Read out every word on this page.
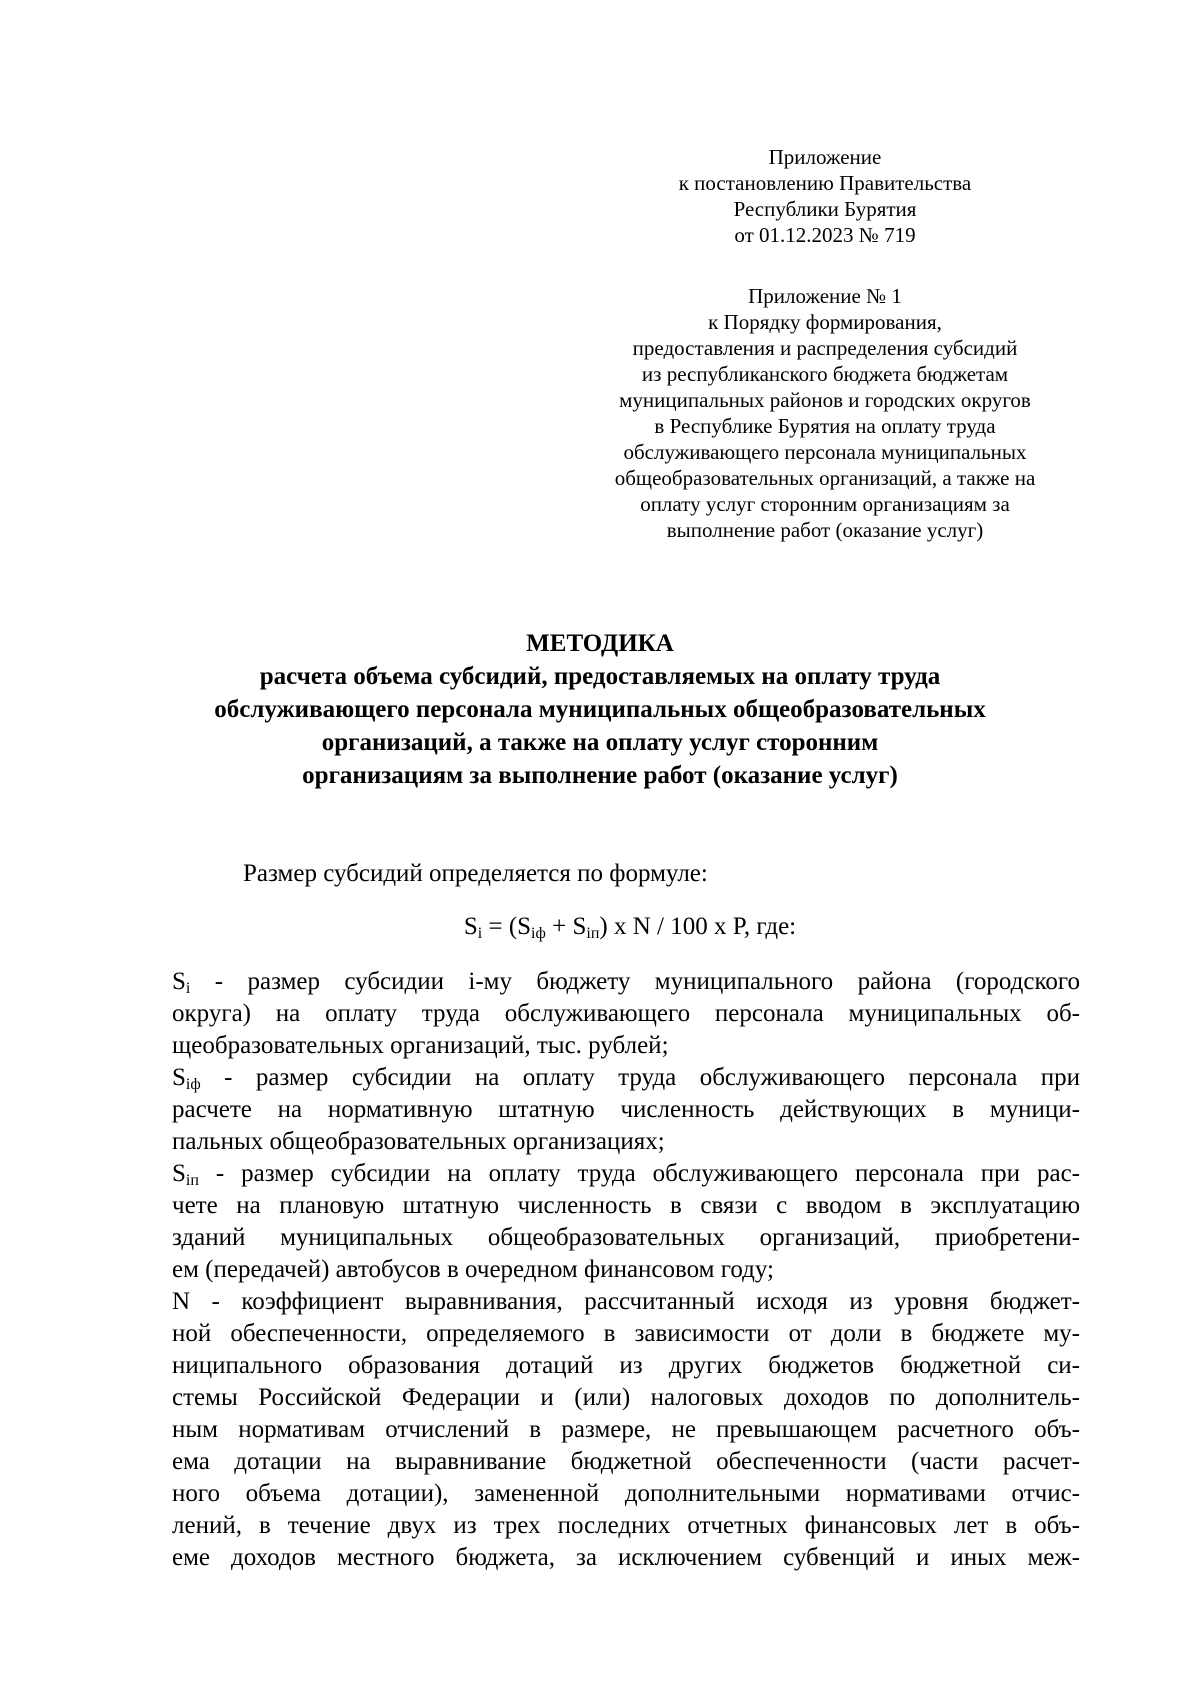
Приложение
к постановлению Правительства
Республики Бурятия
от 01.12.2023 № 719
Приложение № 1
к Порядку формирования,
предоставления и распределения субсидий
из республиканского бюджета бюджетам
муниципальных районов и городских округов
в Республике Бурятия на оплату труда
обслуживающего персонала муниципальных
общеобразовательных организаций, а также на
оплату услуг сторонним организациям за
выполнение работ (оказание услуг)
МЕТОДИКА
расчета объема субсидий, предоставляемых на оплату труда
обслуживающего персонала муниципальных общеобразовательных
организаций, а также на оплату услуг сторонним
организациям за выполнение работ (оказание услуг)
Размер субсидий определяется по формуле:
$S_i = (S_{iф} + S_{iп})$ x N / 100 x P, где:
$S_i$ - размер субсидии i-му бюджету муниципального района (городского
округа) на оплату труда обслуживающего персонала муниципальных об-
щеобразовательных организаций, тыс. рублей;
$S_{iф}$ - размер субсидии на оплату труда обслуживающего персонала при
расчете на нормативную штатную численность действующих в муници-
пальных общеобразовательных организациях;
$S_{iп}$ - размер субсидии на оплату труда обслуживающего персонала при рас-
чете на плановую штатную численность в связи с вводом в эксплуатацию
зданий муниципальных общеобразовательных организаций, приобретени-
ем (передачей) автобусов в очередном финансовом году;
N - коэффициент выравнивания, рассчитанный исходя из уровня бюджет-
ной обеспеченности, определяемого в зависимости от доли в бюджете му-
ниципального образования дотаций из других бюджетов бюджетной си-
стемы Российской Федерации и (или) налоговых доходов по дополнитель-
ным нормативам отчислений в размере, не превышающем расчетного объ-
ема дотации на выравнивание бюджетной обеспеченности (части расчет-
ного объема дотации), замененной дополнительными нормативами отчис-
лений, в течение двух из трех последних отчетных финансовых лет в объ-
еме доходов местного бюджета, за исключением субвенций и иных меж-
